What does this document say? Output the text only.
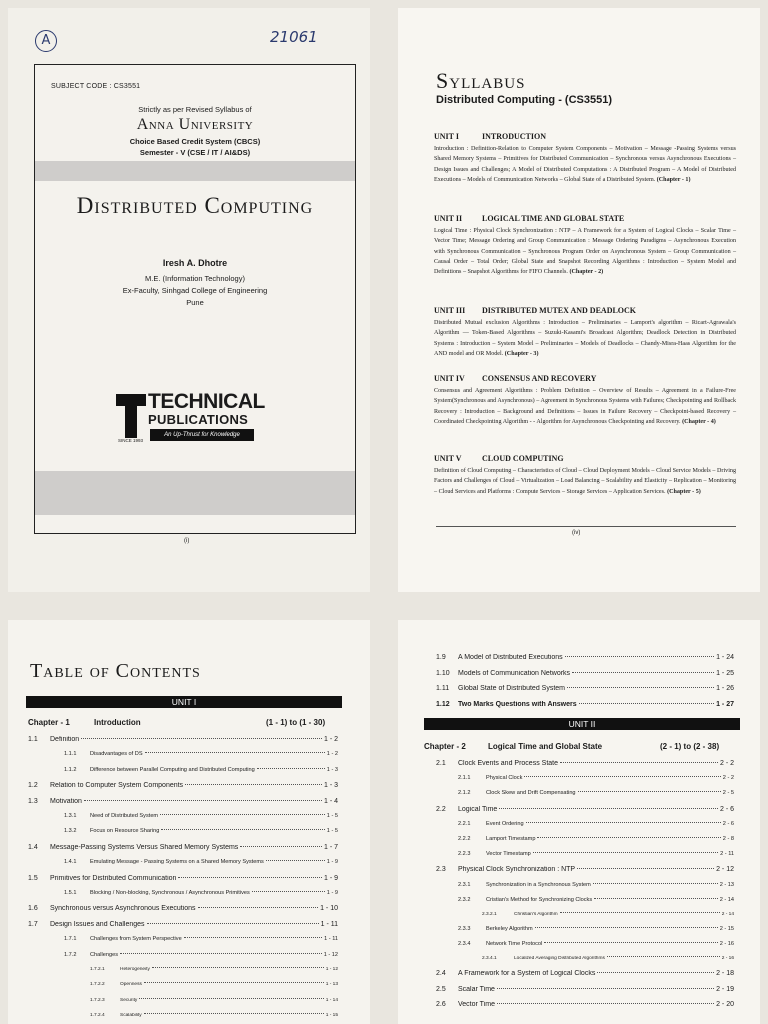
A	21061
SUBJECT CODE : CS3551
Strictly as per Revised Syllabus of
Anna University
Choice Based Credit System (CBCS)
Semester - V (CSE / IT / AI&DS)
Distributed Computing
Iresh A. Dhotre
M.E. (Information Technology)
Ex-Faculty, Sinhgad College of Engineering
Pune
TECHNICAL
PUBLICATIONS
An Up-Thrust for Knowledge
SINCE 1993
(i)
Syllabus
Distributed Computing - (CS3551)
UNIT I	INTRODUCTION
Introduction : Definition-Relation to Computer System Components – Motivation – Message -Passing Systems versus Shared Memory Systems – Primitives for Distributed Communication – Synchronous versus Asynchronous Executions – Design Issues and Challenges; A Model of Distributed Computations : A Distributed Program – A Model of Distributed Executions – Models of Communication Networks – Global State of a Distributed System. (Chapter - 1)
UNIT II LOGICAL TIME AND GLOBAL STATE
Logical Time : Physical Clock Synchronization : NTP – A Framework for a System of Logical Clocks – Scalar Time – Vector Time; Message Ordering and Group Communication : Message Ordering Paradigms – Asynchronous Execution with Synchronous Communication – Synchronous Program Order on Asynchronous System – Group Communication – Causal Order – Total Order; Global State and Snapshot Recording Algorithms : Introduction – System Model and Definitions – Snapshot Algorithms for FIFO Channels. (Chapter - 2)
UNIT III DISTRIBUTED MUTEX AND DEADLOCK
Distributed Mutual exclusion Algorithms : Introduction – Preliminaries – Lamport's algorithm – Ricart-Agrawala's Algorithm — Token-Based Algorithms – Suzuki-Kasami's Broadcast Algorithm; Deadlock Detection in Distributed Systems : Introduction – System Model – Preliminaries – Models of Deadlocks – Chandy-Misra-Haas Algorithm for the AND model and OR Model. (Chapter - 3)
UNIT IV CONSENSUS AND RECOVERY
Consensus and Agreement Algorithms : Problem Definition – Overview of Results – Agreement in a Failure-Free System(Synchronous and Asynchronous) – Agreement in Synchronous Systems with Failures; Checkpointing and Rollback Recovery : Introduction – Background and Definitions – Issues in Failure Recovery – Checkpoint-based Recovery – Coordinated Checkpointing Algorithm - - Algorithm for Asynchronous Checkpointing and Recovery. (Chapter - 4)
UNIT V	CLOUD COMPUTING
Definition of Cloud Computing – Characteristics of Cloud – Cloud Deployment Models – Cloud Service Models – Driving Factors and Challenges of Cloud – Virtualization – Load Balancing – Scalability and Elasticity – Replication – Monitoring – Cloud Services and Platforms : Compute Services – Storage Services – Application Services. (Chapter - 5)
(iv)
Table of Contents
UNIT I
Chapter - 1	Introduction	(1 - 1) to (1 - 30)
1.1	Definition	1 - 2
1.1.1	Disadvantages of DS	1 - 2
1.1.2	Difference between Parallel Computing and Distributed Computing	1 - 3
1.2	Relation to Computer System Components	1 - 3
1.3	Motivation	1 - 4
1.3.1	Need of Distributed System	1 - 5
1.3.2	Focus on Resource Sharing	1 - 5
1.4	Message-Passing Systems Versus Shared Memory Systems	1 - 7
1.4.1	Emulating Message - Passing Systems on a Shared Memory Systems	1 - 9
1.5	Primitives for Distributed Communication	1 - 9
1.5.1	Blocking / Non-blocking, Synchronous / Asynchronous Primitives	1 - 9
1.6	Synchronous versus Asynchronous Executions	1 - 10
1.7	Design Issues and Challenges	1 - 11
1.7.1	Challenges from System Perspective	1 - 11
1.7.2	Challenges	1 - 12
1.7.2.1	Heterogeneity	1 - 12
1.7.2.2	Openness	1 - 13
1.7.2.3	Security	1 - 14
1.7.2.4	Scalability	1 - 15
1.9	A Model of Distributed Executions	1 - 24
1.10	Models of Communication Networks	1 - 25
1.11	Global State of Distributed System	1 - 26
1.12	Two Marks Questions with Answers	1 - 27
UNIT II
Chapter - 2	Logical Time and Global State	(2 - 1) to (2 - 38)
2.1	Clock Events and Process State	2 - 2
2.1.1	Physical Clock	2 - 2
2.1.2	Clock Skew and Drift Compensating	2 - 5
2.2	Logical Time	2 - 6
2.2.1	Event Ordering	2 - 6
2.2.2	Lamport Timestamp	2 - 8
2.2.3	Vector Timestamp	2 - 11
2.3	Physical Clock Synchronization : NTP	2 - 12
2.3.1	Synchronization in a Synchronous System	2 - 13
2.3.2	Cristian's Method for Synchronizing Clocks	2 - 14
2.3.2.1	Christian's Algorithm	2 - 14
2.3.3	Berkeley Algorithm	2 - 15
2.3.4	Network Time Protocol	2 - 16
2.3.4.1	Localized Averaging Distributed Algorithms	2 - 16
2.4	A Framework for a System of Logical Clocks	2 - 18
2.5	Scalar Time	2 - 19
2.6	Vector Time	2 - 20
